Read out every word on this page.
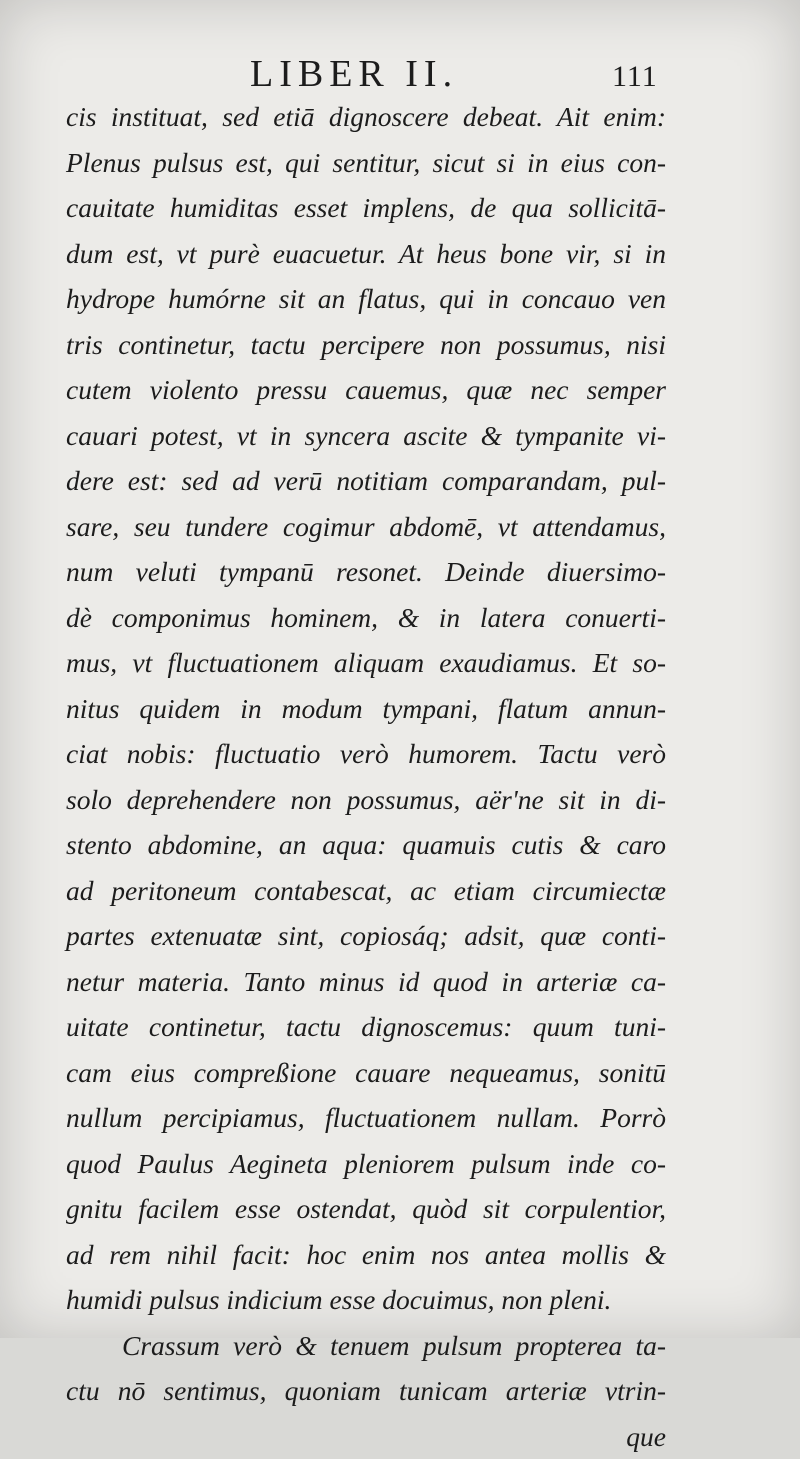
LIBER II.	111
cis instituat, sed etiā dignoscere debeat. Ait enim:
Plenus pulsus est, qui sentitur, sicut si in eius con-
cauitate humiditas esset implens, de qua sollicitā-
dum est, vt purè euacuetur. At heus bone vir, si in
hydrope humórne sit an flatus, qui in concauo ven
tris continetur, tactu percipere non possumus, nisi
cutem violento pressu cauemus, quæ nec semper
cauari potest, vt in syncera ascite & tympanite vi-
dere est: sed ad verū notitiam comparandam, pul-
sare, seu tundere cogimur abdomē, vt attendamus,
num veluti tympanū resonet. Deinde diuersimo-
dè componimus hominem, & in latera conuerti-
mus, vt fluctuationem aliquam exaudiamus. Et so-
nitus quidem in modum tympani, flatum annun-
ciat nobis: fluctuatio verò humorem. Tactu verò
solo deprehendere non possumus, aër'ne sit in di-
stento abdomine, an aqua: quamuis cutis & caro
ad peritoneum contabescat, ac etiam circumiectæ
partes extenuatæ sint, copiosáq; adsit, quæ conti-
netur materia. Tanto minus id quod in arteriæ ca-
uitate continetur, tactu dignoscemus: quum tuni-
cam eius compreßione cauare nequeamus, sonitū
nullum percipiamus, fluctuationem nullam. Porrò
quod Paulus Aegineta pleniorem pulsum inde co-
gnitu facilem esse ostendat, quòd sit corpulentior,
ad rem nihil facit: hoc enim nos antea mollis &
humidi pulsus indicium esse docuimus, non pleni.
Crassum verò & tenuem pulsum propterea ta-
ctu nō sentimus, quoniam tunicam arteriæ vtrin-
que
